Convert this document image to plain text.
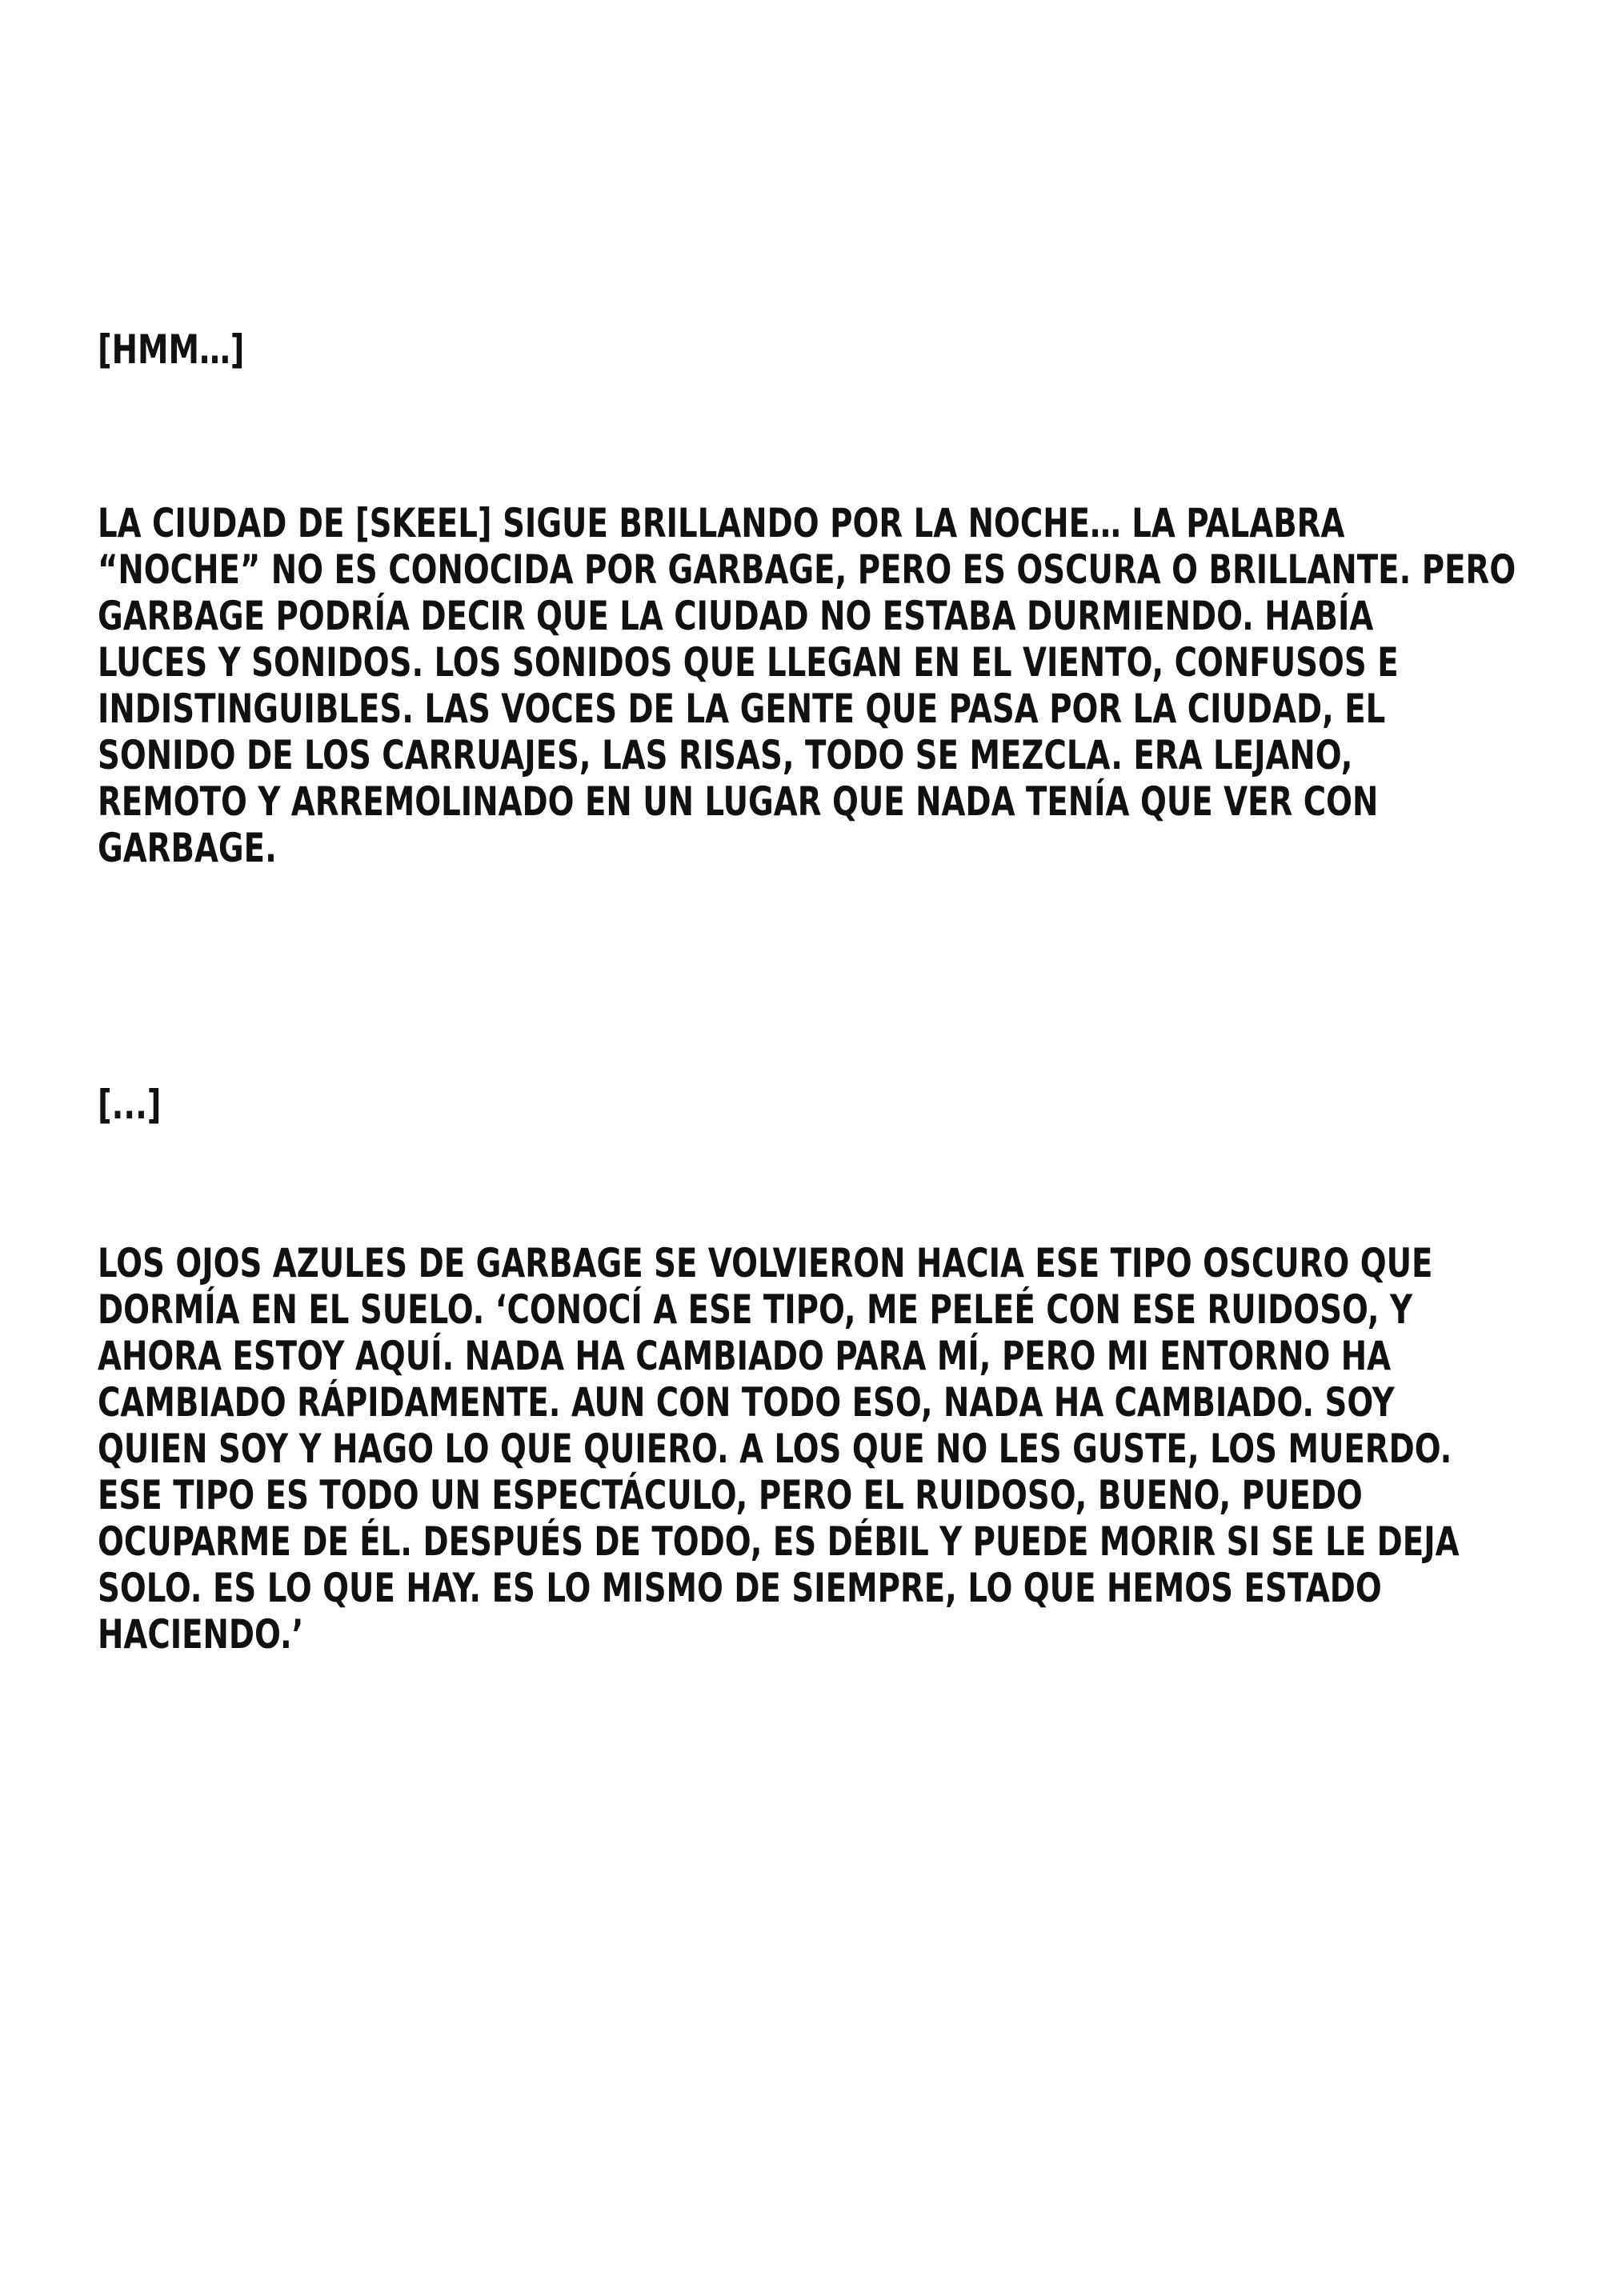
[HMM…]

LA CIUDAD DE [SKEEL] SIGUE BRILLANDO POR LA NOCHE… LA PALABRA
“NOCHE” NO ES CONOCIDA POR GARBAGE, PERO ES OSCURA O BRILLANTE. PERO
GARBAGE PODRÍA DECIR QUE LA CIUDAD NO ESTABA DURMIENDO. HABÍA
LUCES Y SONIDOS. LOS SONIDOS QUE LLEGAN EN EL VIENTO, CONFUSOS E
INDISTINGUIBLES. LAS VOCES DE LA GENTE QUE PASA POR LA CIUDAD, EL
SONIDO DE LOS CARRUAJES, LAS RISAS, TODO SE MEZCLA. ERA LEJANO,
REMOTO Y ARREMOLINADO EN UN LUGAR QUE NADA TENÍA QUE VER CON
GARBAGE.

[...]

LOS OJOS AZULES DE GARBAGE SE VOLVIERON HACIA ESE TIPO OSCURO QUE
DORMÍA EN EL SUELO. ‘CONOCÍ A ESE TIPO, ME PELEÉ CON ESE RUIDOSO, Y
AHORA ESTOY AQUÍ. NADA HA CAMBIADO PARA MÍ, PERO MI ENTORNO HA
CAMBIADO RÁPIDAMENTE. AUN CON TODO ESO, NADA HA CAMBIADO. SOY
QUIEN SOY Y HAGO LO QUE QUIERO. A LOS QUE NO LES GUSTE, LOS MUERDO.
ESE TIPO ES TODO UN ESPECTÁCULO, PERO EL RUIDOSO, BUENO, PUEDO
OCUPARME DE ÉL. DESPUÉS DE TODO, ES DÉBIL Y PUEDE MORIR SI SE LE DEJA
SOLO. ES LO QUE HAY. ES LO MISMO DE SIEMPRE, LO QUE HEMOS ESTADO
HACIENDO.’
